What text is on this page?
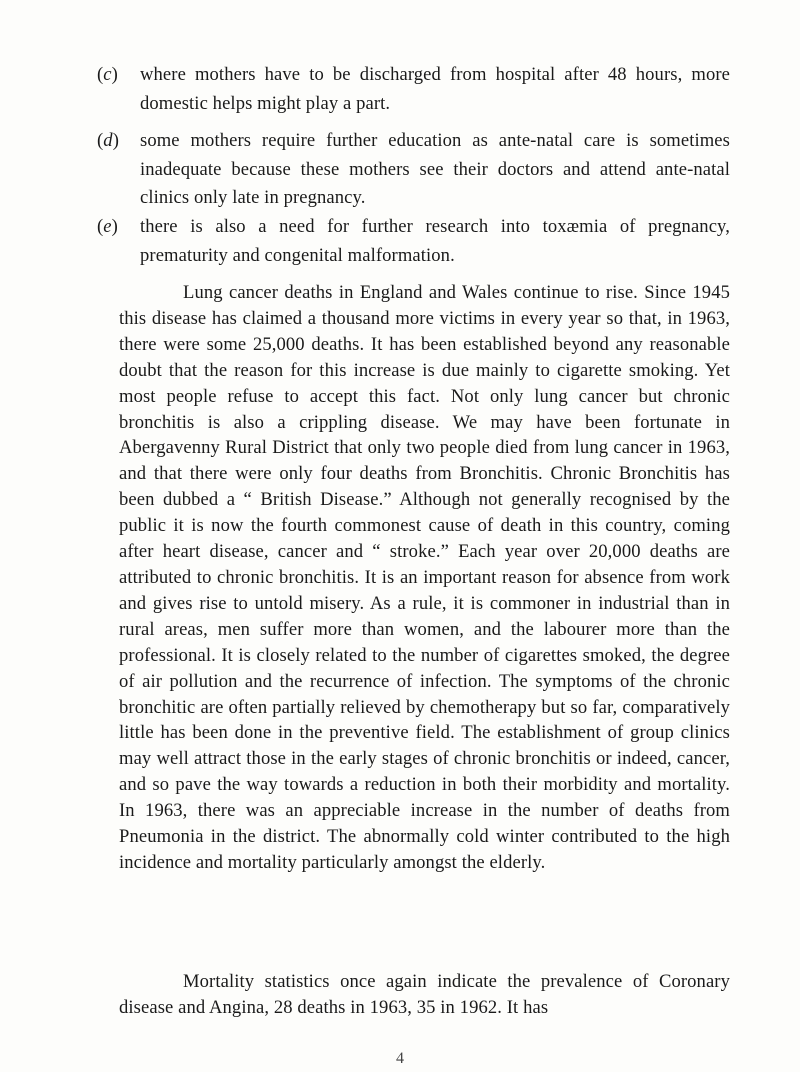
(c) where mothers have to be discharged from hospital after 48 hours, more domestic helps might play a part.
(d) some mothers require further education as ante-natal care is sometimes inadequate because these mothers see their doctors and attend ante-natal clinics only late in pregnancy.
(e) there is also a need for further research into toxæmia of pregnancy, prematurity and congenital malformation.

Lung cancer deaths in England and Wales continue to rise. Since 1945 this disease has claimed a thousand more victims in every year so that, in 1963, there were some 25,000 deaths. It has been established beyond any reasonable doubt that the reason for this increase is due mainly to cigarette smoking. Yet most people refuse to accept this fact. Not only lung cancer but chronic bronchitis is also a crippling disease. We may have been fortunate in Abergavenny Rural District that only two people died from lung cancer in 1963, and that there were only four deaths from Bronchitis. Chronic Bronchitis has been dubbed a “ British Disease.” Although not generally recognised by the public it is now the fourth commonest cause of death in this country, coming after heart disease, cancer and “ stroke.” Each year over 20,000 deaths are attributed to chronic bronchitis. It is an important reason for absence from work and gives rise to untold misery. As a rule, it is commoner in industrial than in rural areas, men suffer more than women, and the labourer more than the professional. It is closely related to the number of cigarettes smoked, the degree of air pollution and the recurrence of infection. The symptoms of the chronic bronchitic are often partially relieved by chemotherapy but so far, comparatively little has been done in the preventive field. The establishment of group clinics may well attract those in the early stages of chronic bronchitis or indeed, cancer, and so pave the way towards a reduction in both their morbidity and mortality. In 1963, there was an appreciable increase in the number of deaths from Pneumonia in the district. The abnormally cold winter contributed to the high incidence and mortality particularly amongst the elderly.

Mortality statistics once again indicate the prevalence of Coronary disease and Angina, 28 deaths in 1963, 35 in 1962. It has

4
